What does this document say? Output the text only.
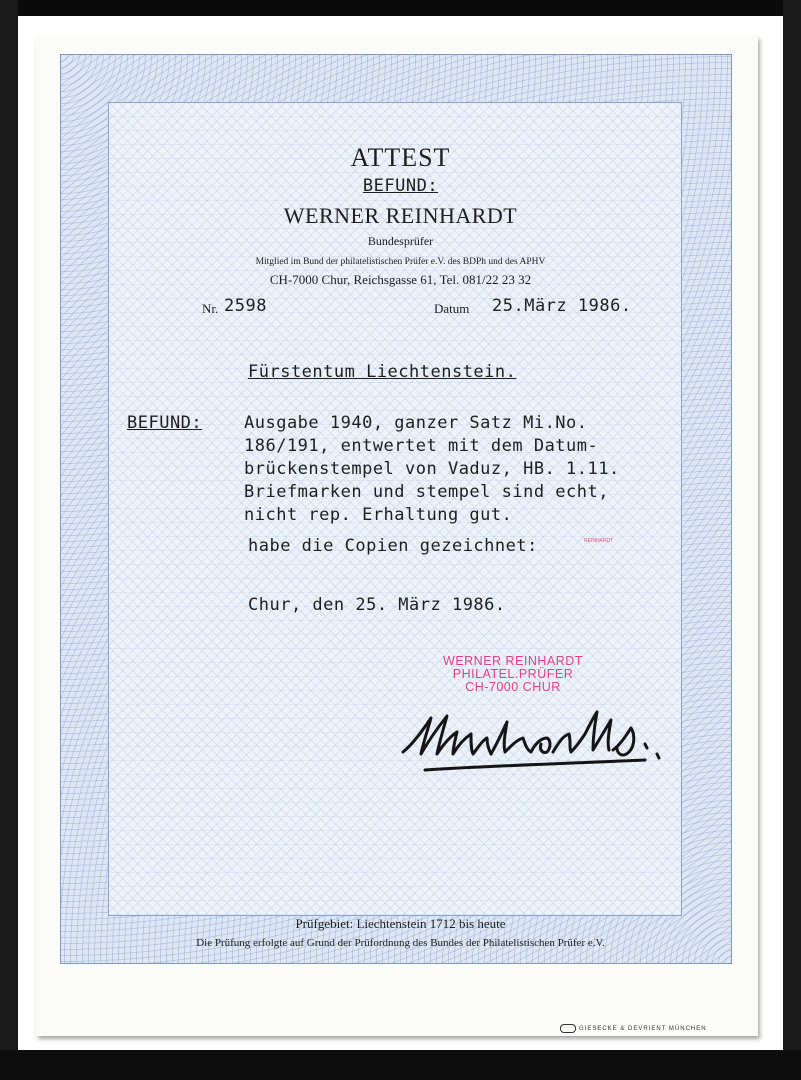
ATTEST
BEFUND:
WERNER REINHARDT
Bundesprüfer
Mitglied im Bund der philatelistischen Prüfer e.V. des BDPh und des APHV
CH-7000 Chur, Reichsgasse 61, Tel. 081/22 23 32
Nr. 2598	Datum 25.März 1986.
Fürstentum Liechtenstein.
BEFUND: Ausgabe 1940, ganzer Satz Mi.No.
186/191, entwertet mit dem Datum-
brückenstempel von Vaduz, HB. 1.11.
Briefmarken und stempel sind echt,
nicht rep. Erhaltung gut.
habe die Copien gezeichnet:	REINHARDT
Chur, den 25. März 1986.
WERNER REINHARDT
PHILATEL.PRÜFER
CH-7000 CHUR
Prüfgebiet: Liechtenstein 1712 bis heute
Die Prüfung erfolgte auf Grund der Prüfordnung des Bundes der Philatelistischen Prüfer e.V.
GIESECKE & DEVRIENT MÜNCHEN
